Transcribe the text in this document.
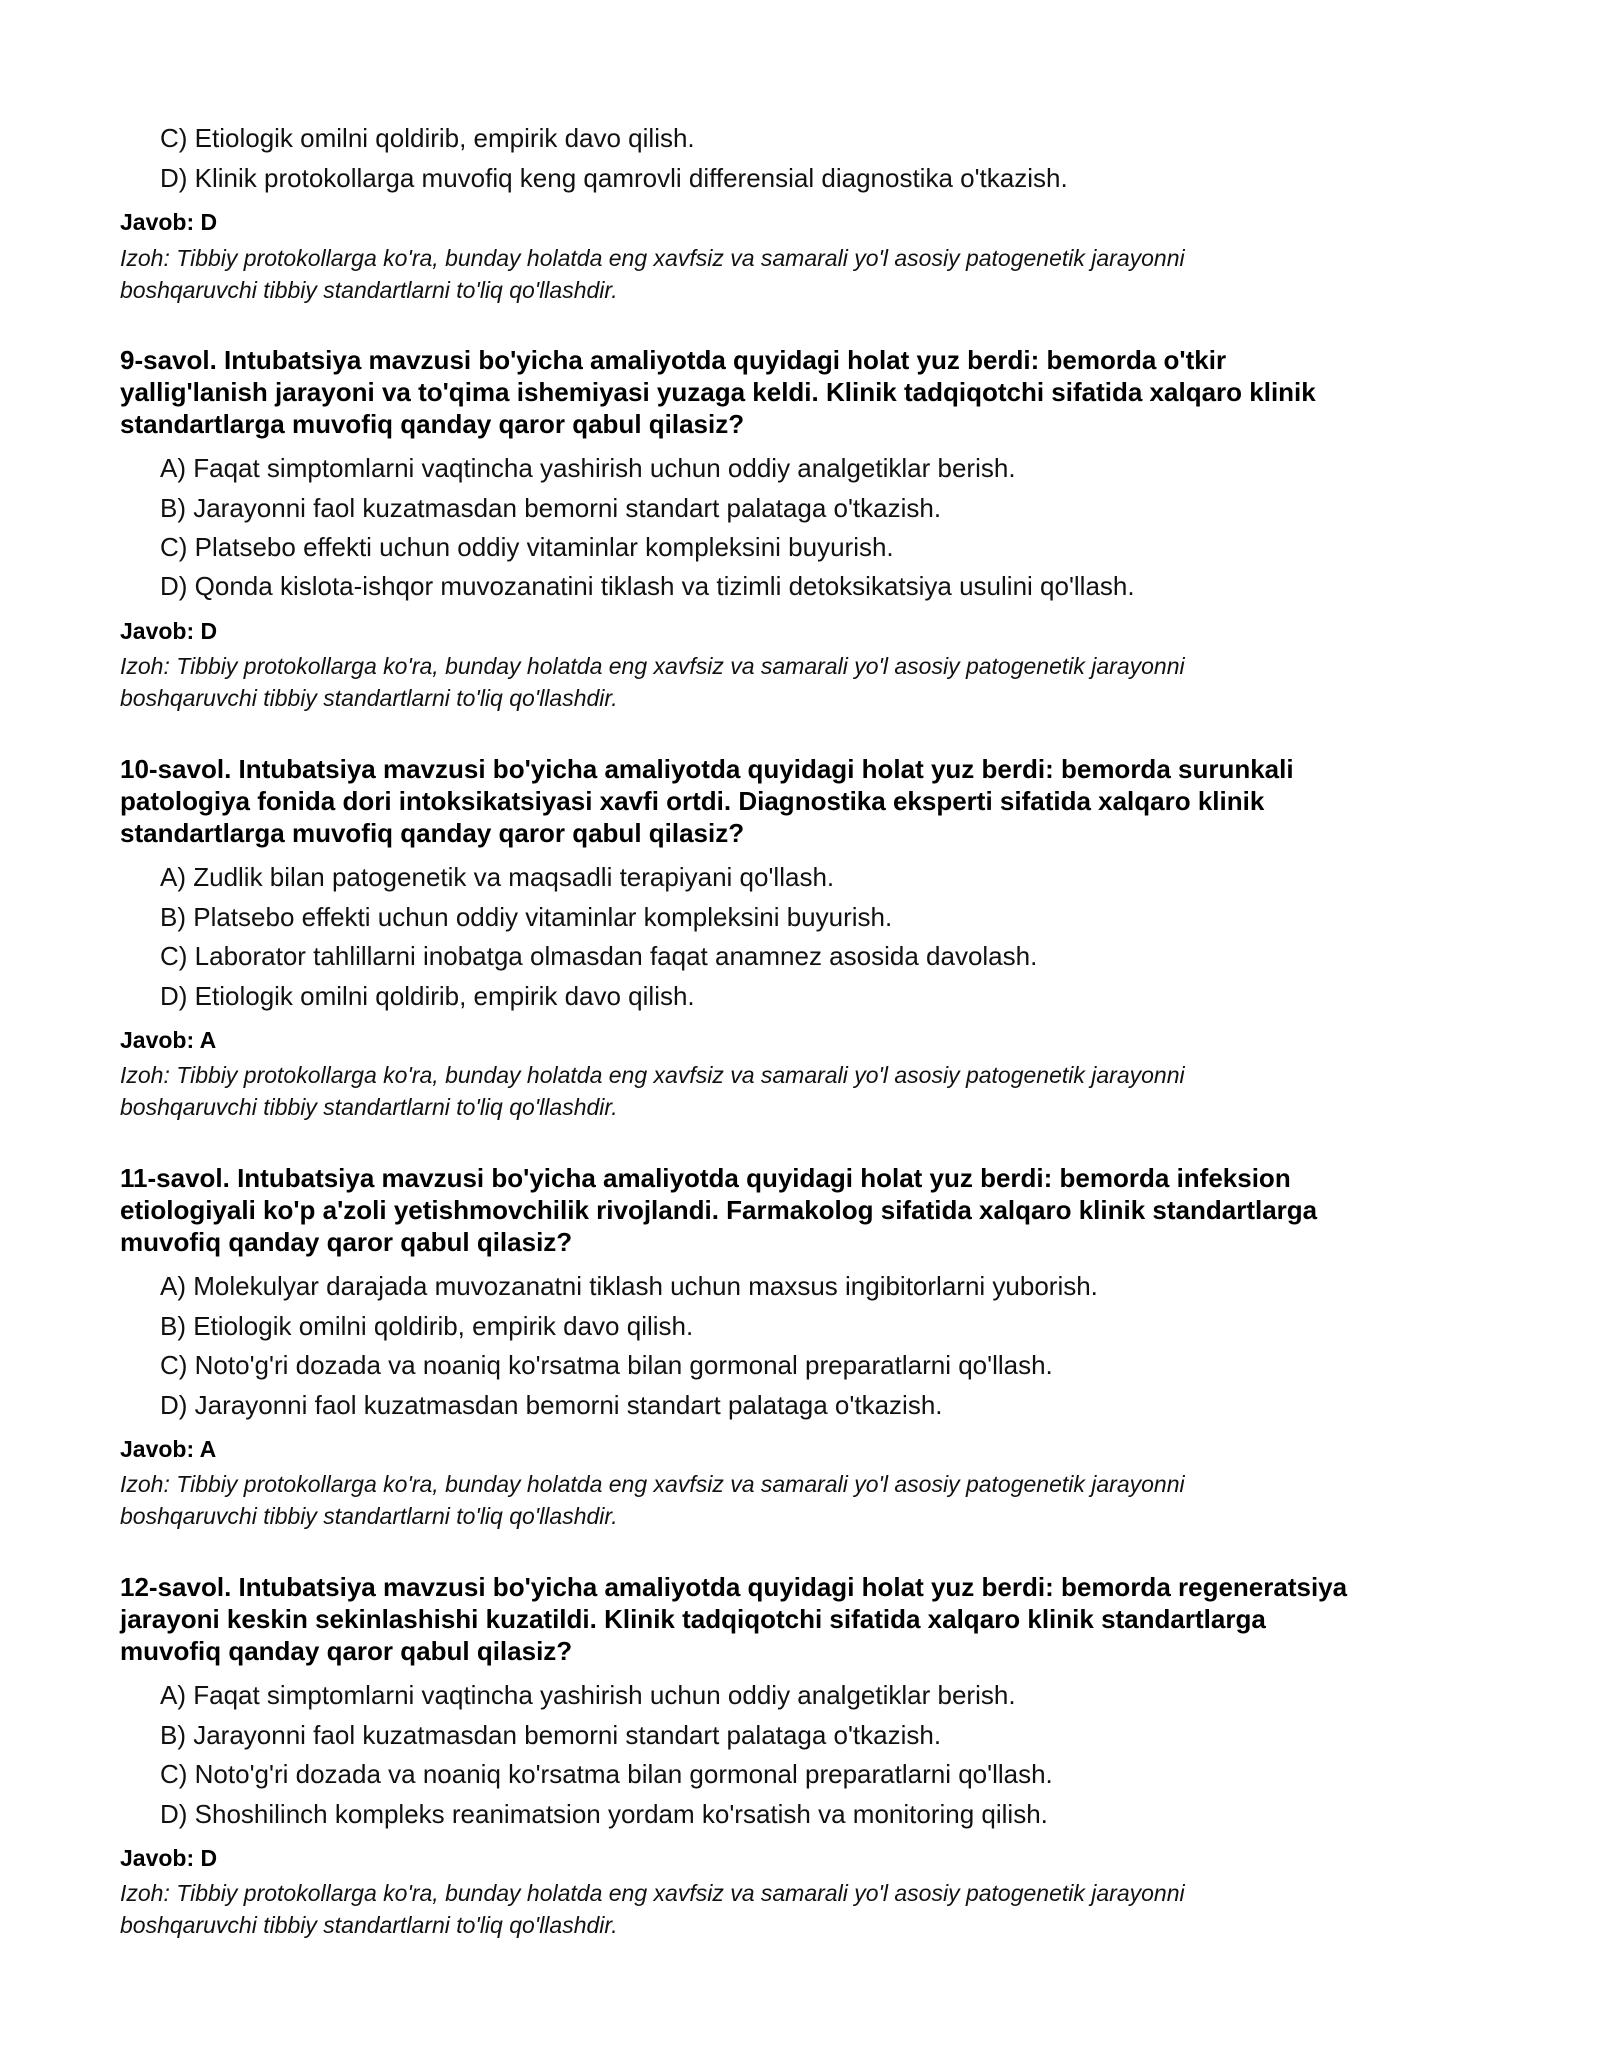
C) Etiologik omilni qoldirib, empirik davo qilish.
D) Klinik protokollarga muvofiq keng qamrovli differensial diagnostika o'tkazish.
Javob: D
Izoh: Tibbiy protokollarga ko'ra, bunday holatda eng xavfsiz va samarali yo'l asosiy patogenetik jarayonni
boshqaruvchi tibbiy standartlarni to'liq qo'llashdir.
9-savol. Intubatsiya mavzusi bo'yicha amaliyotda quyidagi holat yuz berdi: bemorda o'tkir
yallig'lanish jarayoni va to'qima ishemiyasi yuzaga keldi. Klinik tadqiqotchi sifatida xalqaro klinik
standartlarga muvofiq qanday qaror qabul qilasiz?
A) Faqat simptomlarni vaqtincha yashirish uchun oddiy analgetiklar berish.
B) Jarayonni faol kuzatmasdan bemorni standart palataga o'tkazish.
C) Platsebo effekti uchun oddiy vitaminlar kompleksini buyurish.
D) Qonda kislota-ishqor muvozanatini tiklash va tizimli detoksikatsiya usulini qo'llash.
Javob: D
Izoh: Tibbiy protokollarga ko'ra, bunday holatda eng xavfsiz va samarali yo'l asosiy patogenetik jarayonni
boshqaruvchi tibbiy standartlarni to'liq qo'llashdir.
10-savol. Intubatsiya mavzusi bo'yicha amaliyotda quyidagi holat yuz berdi: bemorda surunkali
patologiya fonida dori intoksikatsiyasi xavfi ortdi. Diagnostika eksperti sifatida xalqaro klinik
standartlarga muvofiq qanday qaror qabul qilasiz?
A) Zudlik bilan patogenetik va maqsadli terapiyani qo'llash.
B) Platsebo effekti uchun oddiy vitaminlar kompleksini buyurish.
C) Laborator tahlillarni inobatga olmasdan faqat anamnez asosida davolash.
D) Etiologik omilni qoldirib, empirik davo qilish.
Javob: A
Izoh: Tibbiy protokollarga ko'ra, bunday holatda eng xavfsiz va samarali yo'l asosiy patogenetik jarayonni
boshqaruvchi tibbiy standartlarni to'liq qo'llashdir.
11-savol. Intubatsiya mavzusi bo'yicha amaliyotda quyidagi holat yuz berdi: bemorda infeksion
etiologiyali ko'p a'zoli yetishmovchilik rivojlandi. Farmakolog sifatida xalqaro klinik standartlarga
muvofiq qanday qaror qabul qilasiz?
A) Molekulyar darajada muvozanatni tiklash uchun maxsus ingibitorlarni yuborish.
B) Etiologik omilni qoldirib, empirik davo qilish.
C) Noto'g'ri dozada va noaniq ko'rsatma bilan gormonal preparatlarni qo'llash.
D) Jarayonni faol kuzatmasdan bemorni standart palataga o'tkazish.
Javob: A
Izoh: Tibbiy protokollarga ko'ra, bunday holatda eng xavfsiz va samarali yo'l asosiy patogenetik jarayonni
boshqaruvchi tibbiy standartlarni to'liq qo'llashdir.
12-savol. Intubatsiya mavzusi bo'yicha amaliyotda quyidagi holat yuz berdi: bemorda regeneratsiya
jarayoni keskin sekinlashishi kuzatildi. Klinik tadqiqotchi sifatida xalqaro klinik standartlarga
muvofiq qanday qaror qabul qilasiz?
A) Faqat simptomlarni vaqtincha yashirish uchun oddiy analgetiklar berish.
B) Jarayonni faol kuzatmasdan bemorni standart palataga o'tkazish.
C) Noto'g'ri dozada va noaniq ko'rsatma bilan gormonal preparatlarni qo'llash.
D) Shoshilinch kompleks reanimatsion yordam ko'rsatish va monitoring qilish.
Javob: D
Izoh: Tibbiy protokollarga ko'ra, bunday holatda eng xavfsiz va samarali yo'l asosiy patogenetik jarayonni
boshqaruvchi tibbiy standartlarni to'liq qo'llashdir.
